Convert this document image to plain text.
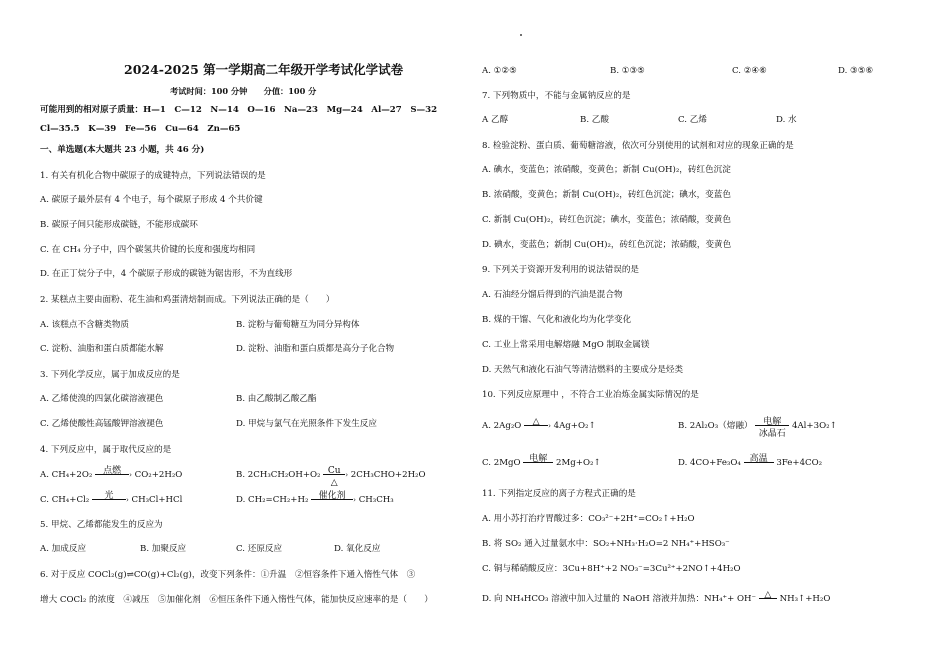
2024-2025 第一学期高二年级开学考试化学试卷
考试时间：100 分钟　　分值：100 分
可能用到的相对原子质量：H—1　C—12　N—14　O—16　Na—23　Mg—24　Al—27　S—32
Cl—35.5　K—39　Fe—56　Cu—64　Zn—65
一、单选题(本大题共 23 小题，共 46 分)
1. 有关有机化合物中碳原子的成键特点，下列说法错误的是
A. 碳原子最外层有 4 个电子，每个碳原子形成 4 个共价键
B. 碳原子间只能形成碳链，不能形成碳环
C. 在 CH₄ 分子中，四个碳氢共价键的长度和强度均相同
D. 在正丁烷分子中，4 个碳原子形成的碳链为锯齿形，不为直线形
2. 某糕点主要由面粉、花生油和鸡蛋清焙制而成。下列说法正确的是（　　）
A. 该糕点不含糖类物质	B. 淀粉与葡萄糖互为同分异构体
C. 淀粉、油脂和蛋白质都能水解	D. 淀粉、油脂和蛋白质都是高分子化合物
3. 下列化学反应，属于加成反应的是
A. 乙烯使溴的四氯化碳溶液褪色	B. 由乙酸制乙酸乙酯
C. 乙烯使酸性高锰酸钾溶液褪色	D. 甲烷与氯气在光照条件下发生反应
4. 下列反应中，属于取代反应的是
A. CH₄+2O₂	点燃	› CO₂+2H₂O	B. 2CH₃CH₂OH+O₂ Cu
△
› 2CH₃CHO+2H₂O
C. CH₄+Cl₂	光	› CH₃Cl+HCl	D. CH₂=CH₂+H₂	催化剂	› CH₃CH₃
5. 甲烷、乙烯都能发生的反应为
A. 加成反应	B. 加聚反应	C. 还原反应	D. 氧化反应
6. 对于反应 COCl₂(g)⇌CO(g)+Cl₂(g)，改变下列条件：①升温　②恒容条件下通入惰性气体　③
增大 COCl₂ 的浓度　④减压　⑤加催化剂　⑥恒压条件下通入惰性气体，能加快反应速率的是（　　）
A. ①②⑤	B. ①③⑤	C. ②④⑥	D. ③⑤⑥
7. 下列物质中，不能与金属钠反应的是
A 乙醇	B. 乙酸	C. 乙烯	D. 水
8. 检验淀粉、蛋白质、葡萄糖溶液，依次可分别使用的试剂和对应的现象正确的是
A. 碘水，变蓝色；浓硝酸，变黄色；新制 Cu(OH)₂，砖红色沉淀
B. 浓硝酸，变黄色；新制 Cu(OH)₂，砖红色沉淀；碘水，变蓝色
C. 新制 Cu(OH)₂，砖红色沉淀；碘水，变蓝色；浓硝酸，变黄色
D. 碘水，变蓝色；新制 Cu(OH)₂，砖红色沉淀；浓硝酸，变黄色
9. 下列关于资源开发利用的说法错误的是
A. 石油经分馏后得到的汽油是混合物
B. 煤的干馏、气化和液化均为化学变化
C. 工业上常采用电解熔融 MgO 制取金属镁
D. 天然气和液化石油气等清洁燃料的主要成分是烃类
10. 下列反应原理中 ，不符合工业冶炼金属实际情况的是
A. 2Ag₂O	△	› 4Ag+O₂↑	B. 2Al₂O₃（熔融）	电解
冰晶石
4Al+3O₂↑
C. 2MgO 电解	2Mg+O₂↑	D. 4CO+Fe₃O₄ 高温	3Fe+4CO₂
11. 下列指定反应的离子方程式正确的是
A. 用小苏打治疗胃酸过多：CO₃²⁻+2H⁺=CO₂↑+H₂O
B. 将 SO₂ 通入过量氨水中：SO₂+NH₃·H₂O=2 NH₄⁺+HSO₃⁻
C. 铜与稀硝酸反应：3Cu+8H⁺+2 NO₃⁻=3Cu²⁺+2NO↑+4H₂O
D. 向 NH₄HCO₃ 溶液中加入过量的 NaOH 溶液并加热：NH₄⁺+ OH⁻ △ NH₃↑+H₂O
